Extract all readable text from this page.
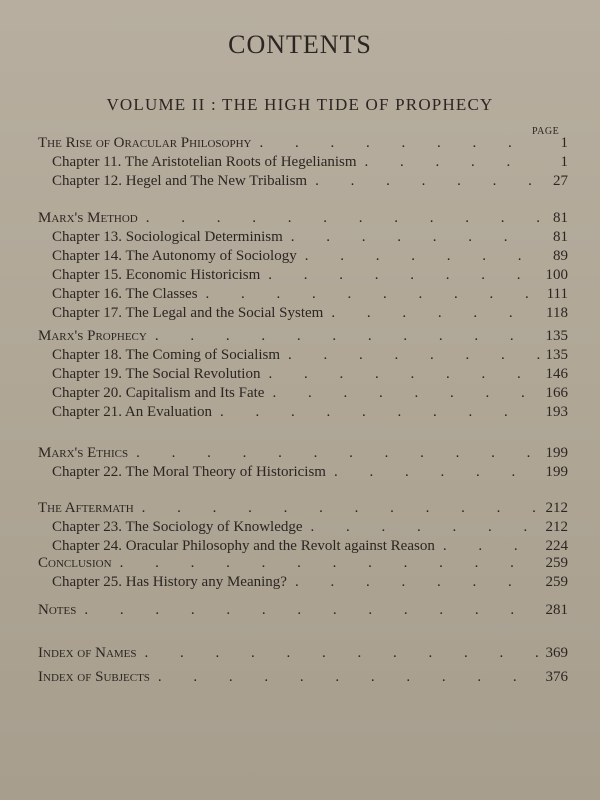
CONTENTS
VOLUME II : THE HIGH TIDE OF PROPHECY
PAGE
The Rise of Oracular Philosophy . . .	1
Chapter 11. The Aristotelian Roots of Hegelianism . . .	1
Chapter 12. Hegel and The New Tribalism . . .	27
Marx's Method . . .	81
Chapter 13. Sociological Determinism . . .	81
Chapter 14. The Autonomy of Sociology . . .	89
Chapter 15. Economic Historicism . . .	100
Chapter 16. The Classes . . .	111
Chapter 17. The Legal and the Social System . . .	118
Marx's Prophecy . . .	135
Chapter 18. The Coming of Socialism . . .	135
Chapter 19. The Social Revolution . . .	146
Chapter 20. Capitalism and Its Fate . . .	166
Chapter 21. An Evaluation . . .	193
Marx's Ethics . . .	199
Chapter 22. The Moral Theory of Historicism . . .	199
The Aftermath . . .	212
Chapter 23. The Sociology of Knowledge . . .	212
Chapter 24. Oracular Philosophy and the Revolt against Reason . . .	224
Conclusion . . .	259
Chapter 25. Has History any Meaning? . . .	259
Notes . . .	281
Index of Names . . .	369
Index of Subjects . . .	376
